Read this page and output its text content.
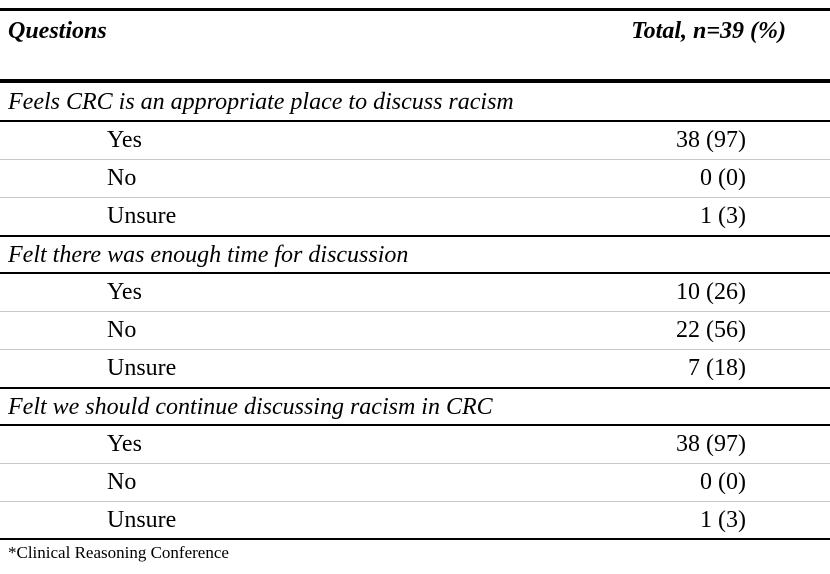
Questions	Total, n=39 (%)
Feels CRC is an appropriate place to discuss racism
Yes	38 (97)
No	0 (0)
Unsure	1 (3)
Felt there was enough time for discussion
Yes	10 (26)
No	22 (56)
Unsure	7 (18)
Felt we should continue discussing racism in CRC
Yes	38 (97)
No	0 (0)
Unsure	1 (3)
*Clinical Reasoning Conference
